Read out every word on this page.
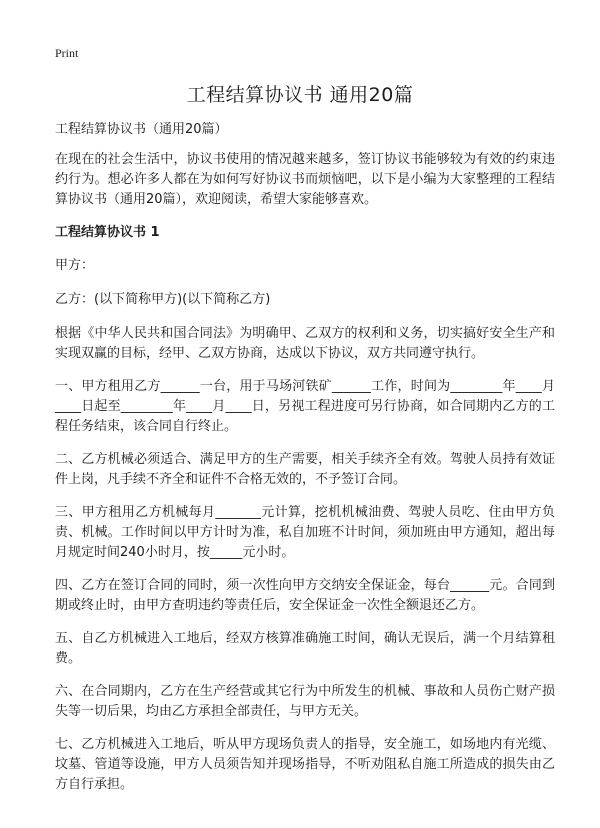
Print
工程结算协议书 通用20篇

工程结算协议书（通用20篇）

在现在的社会生活中，协议书使用的情况越来越多，签订协议书能够较为有效的约束违约行为。想必许多人都在为如何写好协议书而烦恼吧，以下是小编为大家整理的工程结算协议书（通用20篇），欢迎阅读，希望大家能够喜欢。

工程结算协议书 1

甲方：

乙方：(以下简称甲方)(以下简称乙方)

根据《中华人民共和国合同法》为明确甲、乙双方的权利和义务，切实搞好安全生产和实现双赢的目标，经甲、乙双方协商，达成以下协议，双方共同遵守执行。

一、甲方租用乙方______一台，用于马场河铁矿______工作，时间为________年____月____日起至________年____月____日，另视工程进度可另行协商，如合同期内乙方的工程任务结束，该合同自行终止。

二、乙方机械必须适合、满足甲方的生产需要，相关手续齐全有效。驾驶人员持有效证件上岗，凡手续不齐全和证件不合格无效的，不予签订合同。

三、甲方租用乙方机械每月_______元计算，挖机机械油费、驾驶人员吃、住由甲方负责、机械。工作时间以甲方计时为准，私自加班不计时间，须加班由甲方通知，超出每月规定时间240小时月，按_____元小时。

四、乙方在签订合同的同时，须一次性向甲方交纳安全保证金，每台______元。合同到期或终止时，由甲方查明违约等责任后，安全保证金一次性全额退还乙方。

五、自乙方机械进入工地后，经双方核算准确施工时间，确认无误后，满一个月结算租费。

六、在合同期内，乙方在生产经营或其它行为中所发生的机械、事故和人员伤亡财产损失等一切后果，均由乙方承担全部责任，与甲方无关。

七、乙方机械进入工地后，听从甲方现场负责人的指导，安全施工，如场地内有光缆、坟墓、管道等设施，甲方人员须告知并现场指导，不听劝阻私自施工所造成的损失由乙方自行承担。
